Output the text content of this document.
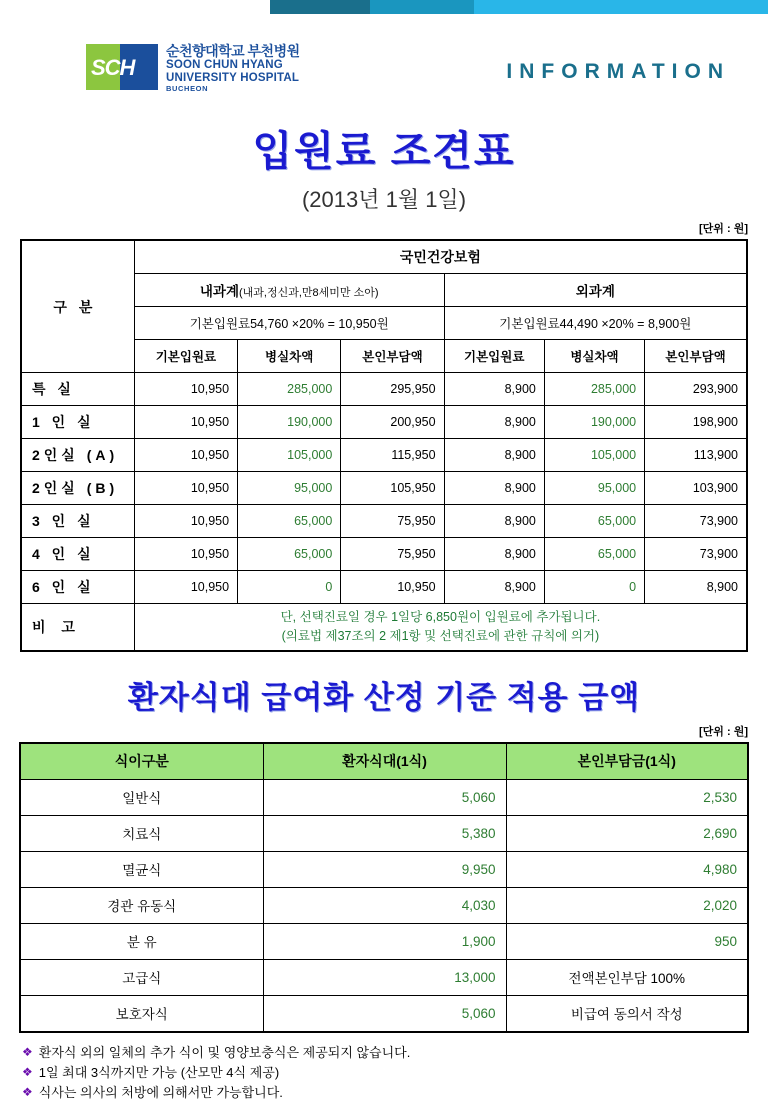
SCH
순천향대학교 부천병원
SOON CHUN HYANG
UNIVERSITY HOSPITAL
BUCHEON
INFORMATION
입원료 조견표
(2013년 1월 1일)
[단위 : 원]
구 분	국민건강보험					
	내과계(내과,정신과,만8세미만 소아)			외과계		
	기본입원료54,760 ×20% = 10,950원			기본입원료44,490 ×20% = 8,900원		
	기본입원료	병실차액	본인부담액	기본입원료	병실차액	본인부담액
특 실	10,950	285,000	295,950	8,900	285,000	293,900
1 인 실	10,950	190,000	200,950	8,900	190,000	198,900
2인실 (A)	10,950	105,000	115,950	8,900	105,000	113,900
2인실 (B)	10,950	95,000	105,950	8,900	95,000	103,900
3 인 실	10,950	65,000	75,950	8,900	65,000	73,900
4 인 실	10,950	65,000	75,950	8,900	65,000	73,900
6 인 실	10,950	0	10,950	8,900	0	8,900
비 고	단, 선택진료일 경우 1일당 6,850원이 입원료에 추가됩니다.
(의료법 제37조의 2 제1항 및 선택진료에 관한 규칙에 의거)					
환자식대 급여화 산정 기준 적용 금액
[단위 : 원]
식이구분	환자식대(1식)	본인부담금(1식)
일반식	5,060	2,530
치료식	5,380	2,690
멸균식	9,950	4,980
경관 유동식	4,030	2,020
분 유	1,900	950
고급식	13,000	전액본인부담 100%
보호자식	5,060	비급여 동의서 작성
❖ 환자식 외의 일체의 추가 식이 및 영양보충식은 제공되지 않습니다.
❖ 1일 최대 3식까지만 가능 (산모만 4식 제공)
❖ 식사는 의사의 처방에 의해서만 가능합니다.
